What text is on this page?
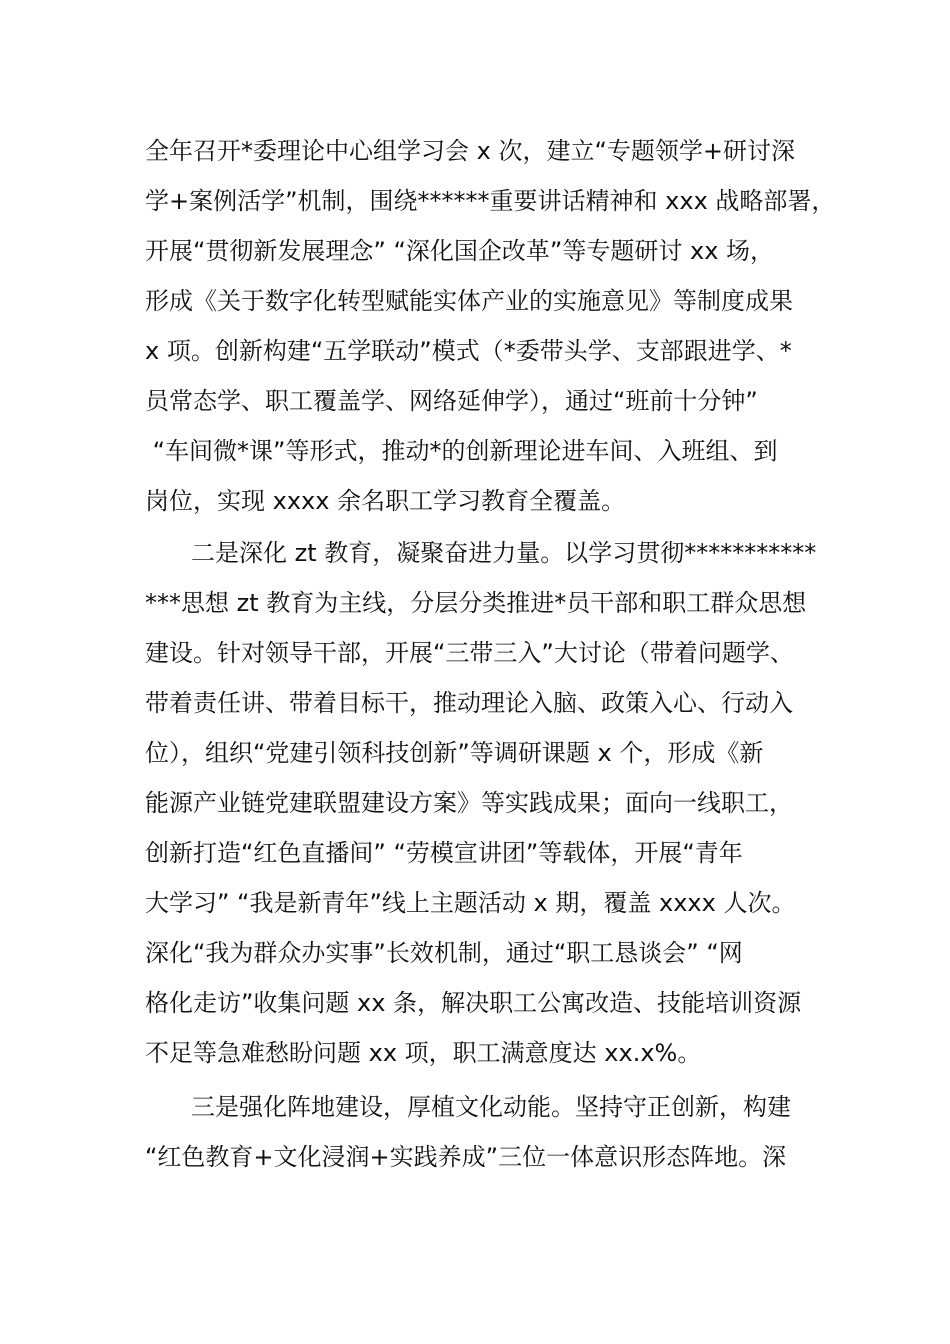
全年召开*委理论中心组学习会 x 次，建立“专题领学+研讨深
学+案例活学”机制，围绕******重要讲话精神和 xxx 战略部署，
开展“贯彻新发展理念” “深化国企改革”等专题研讨 xx 场，
形成《关于数字化转型赋能实体产业的实施意见》等制度成果
x 项。创新构建“五学联动”模式（*委带头学、支部跟进学、*
员常态学、职工覆盖学、网络延伸学），通过“班前十分钟”
“车间微*课”等形式，推动*的创新理论进车间、入班组、到
岗位，实现 xxxx 余名职工学习教育全覆盖。
二是深化 zt 教育，凝聚奋进力量。以学习贯彻***********
***思想 zt 教育为主线，分层分类推进*员干部和职工群众思想
建设。针对领导干部，开展“三带三入”大讨论（带着问题学、
带着责任讲、带着目标干，推动理论入脑、政策入心、行动入
位），组织“党建引领科技创新”等调研课题 x 个，形成《新
能源产业链党建联盟建设方案》等实践成果；面向一线职工，
创新打造“红色直播间” “劳模宣讲团”等载体，开展“青年
大学习” “我是新青年”线上主题活动 x 期，覆盖 xxxx 人次。
深化“我为群众办实事”长效机制，通过“职工恳谈会” “网
格化走访”收集问题 xx 条，解决职工公寓改造、技能培训资源
不足等急难愁盼问题 xx 项，职工满意度达 xx.x%。
三是强化阵地建设，厚植文化动能。坚持守正创新，构建
“红色教育+文化浸润+实践养成”三位一体意识形态阵地。深
